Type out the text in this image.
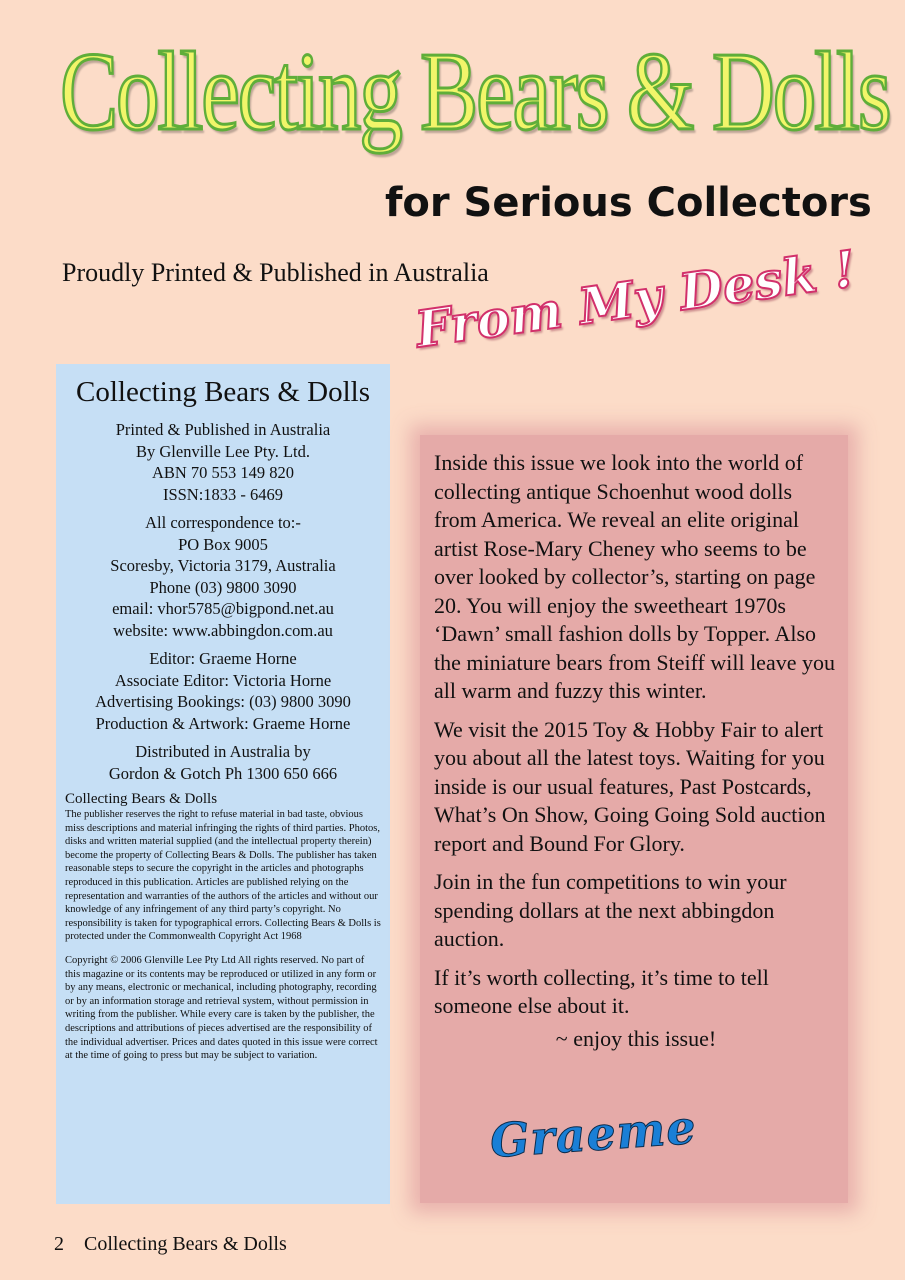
Collecting Bears & Dolls
for Serious Collectors
Proudly Printed & Published in Australia
From My Desk !
Collecting Bears & Dolls
Printed & Published in Australia
By Glenville Lee Pty. Ltd.
ABN 70 553 149 820
ISSN:1833 - 6469
All correspondence to:-
PO Box 9005
Scoresby, Victoria 3179, Australia
Phone (03) 9800 3090
email: vhor5785@bigpond.net.au
website: www.abbingdon.com.au
Editor: Graeme Horne
Associate Editor: Victoria Horne
Advertising Bookings: (03) 9800 3090
Production & Artwork: Graeme Horne
Distributed in Australia by
Gordon & Gotch Ph 1300 650 666
Collecting Bears & Dolls
The publisher reserves the right to refuse material in bad taste, obvious miss descriptions and material infringing the rights of third parties. Photos, disks and written material supplied (and the intellectual property therein) become the property of Collecting Bears & Dolls. The publisher has taken reasonable steps to secure the copyright in the articles and photographs reproduced in this publication. Articles are published relying on the representation and warranties of the authors of the articles and without our knowledge of any infringement of any third party’s copyright. No responsibility is taken for typographical errors. Collecting Bears & Dolls is protected under the Commonwealth Copyright Act 1968
Copyright © 2006 Glenville Lee Pty Ltd All rights reserved. No part of this magazine or its contents may be reproduced or utilized in any form or by any means, electronic or mechanical, including photography, recording or by an information storage and retrieval system, without permission in writing from the publisher. While every care is taken by the publisher, the descriptions and attributions of pieces advertised are the responsibility of the individual advertiser. Prices and dates quoted in this issue were correct at the time of going to press but may be subject to variation.

Inside this issue we look into the world of collecting antique Schoenhut wood dolls from America. We reveal an elite original artist Rose-Mary Cheney who seems to be over looked by collector’s, starting on page 20. You will enjoy the sweetheart 1970s ‘Dawn’ small fashion dolls by Topper. Also the miniature bears from Steiff will leave you all warm and fuzzy this winter.

We visit the 2015 Toy & Hobby Fair to alert you about all the latest toys. Waiting for you inside is our usual features, Past Postcards, What’s On Show, Going Going Sold auction report and Bound For Glory.

Join in the fun competitions to win your spending dollars at the next abbingdon auction.

If it’s worth collecting, it’s time to tell someone else about it.

~ enjoy this issue!
Graeme
2 Collecting Bears & Dolls
